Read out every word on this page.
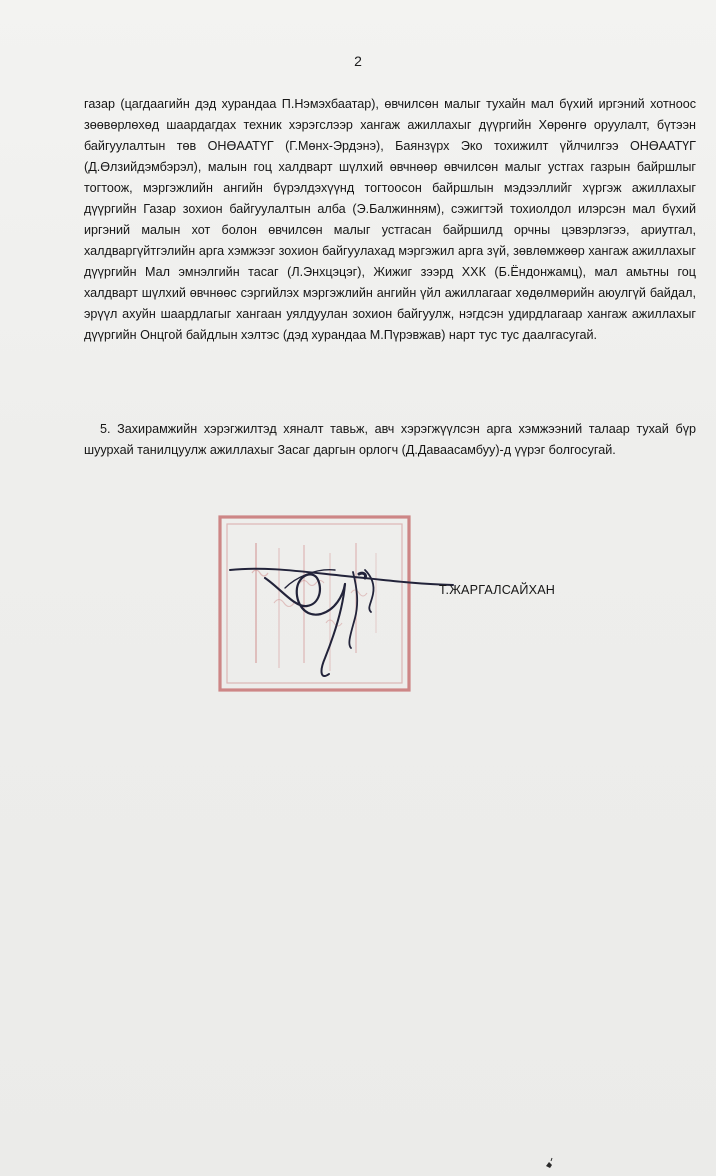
2
газар (цагдаагийн дэд хурандаа П.Нэмэхбаатар), өвчилсөн малыг тухайн мал бүхий иргэний хотноос зөөвөрлөхөд шаардагдах техник хэрэгслээр хангаж ажиллахыг дүүргийн Хөрөнгө оруулалт, бүтээн байгуулалтын төв ОНӨААТҮГ (Г.Мөнх-Эрдэнэ), Баянзүрх Эко тохижилт үйлчилгээ ОНӨААТҮГ (Д.Өлзийдэмбэрэл), малын гоц халдварт шүлхий өвчнөөр өвчилсөн малыг устгах газрын байршлыг тогтоож, мэргэжлийн ангийн бүрэлдэхүүнд тогтоосон байршлын мэдээллийг хүргэж ажиллахыг дүүргийн Газар зохион байгуулалтын алба (Э.Балжинням), сэжигтэй тохиолдол илэрсэн мал бүхий иргэний малын хот болон өвчилсөн малыг устгасан байршилд орчны цэвэрлэгээ, ариутгал, халдваргүйтгэлийн арга хэмжээг зохион байгуулахад мэргэжил арга зүй, зөвлөмжөөр хангаж ажиллахыг дүүргийн Мал эмнэлгийн тасаг (Л.Энхцэцэг), Жижиг зээрд ХХК (Б.Ёндонжамц), мал амьтны гоц халдварт шүлхий өвчнөөс сэргийлэх мэргэжлийн ангийн үйл ажиллагааг хөдөлмөрийн аюулгүй байдал, эрүүл ахуйн шаардлагыг хангаан уялдуулан зохион байгуулж, нэгдсэн удирдлагаар хангаж ажиллахыг дүүргийн Онцгой байдлын хэлтэс (дэд хурандаа М.Пүрэвжав) нарт тус тус даалгасугай.
5. Захирамжийн хэрэгжилтэд хяналт тавьж, авч хэрэгжүүлсэн арга хэмжээний талаар тухай бүр шуурхай танилцуулж ажиллахыг Засаг даргын орлогч (Д.Даваасамбуу)-д үүрэг болгосугай.
Т.ЖАРГАЛСАЙХАН
